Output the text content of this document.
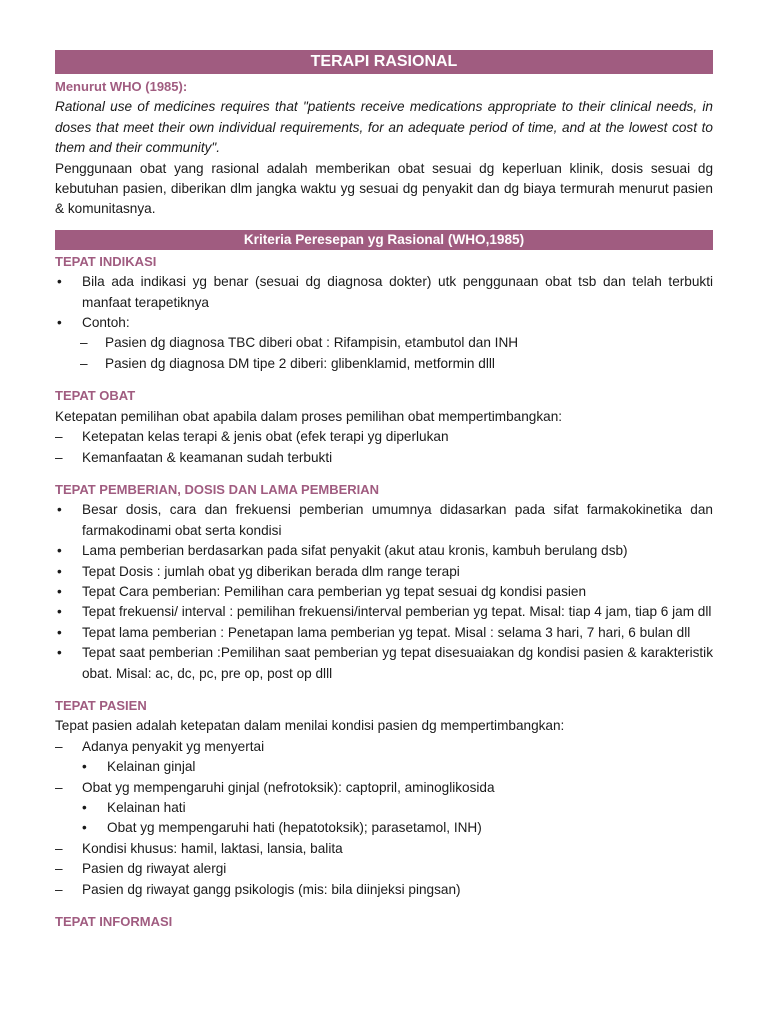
TERAPI RASIONAL
Menurut WHO (1985):
Rational use of medicines requires that "patients receive medications appropriate to their clinical needs, in doses that meet their own individual requirements, for an adequate period of time, and at the lowest cost to them and their community".
Penggunaan obat yang rasional adalah memberikan obat sesuai dg keperluan klinik, dosis sesuai dg kebutuhan pasien, diberikan dlm jangka waktu yg sesuai dg penyakit dan dg biaya termurah menurut pasien & komunitasnya.
Kriteria Peresepan yg Rasional (WHO,1985)
TEPAT INDIKASI
• Bila ada indikasi yg benar (sesuai dg diagnosa dokter) utk penggunaan obat tsb dan telah terbukti manfaat terapetiknya
• Contoh:
– Pasien dg diagnosa TBC diberi obat : Rifampisin, etambutol dan INH
– Pasien dg diagnosa DM tipe 2 diberi: glibenklamid, metformin dlll
TEPAT OBAT
Ketepatan pemilihan obat apabila dalam proses pemilihan obat mempertimbangkan:
– Ketepatan kelas terapi & jenis obat (efek terapi yg diperlukan
– Kemanfaatan & keamanan sudah terbukti
TEPAT PEMBERIAN, DOSIS DAN LAMA PEMBERIAN
• Besar dosis, cara dan frekuensi pemberian umumnya didasarkan pada sifat farmakokinetika dan farmakodinami obat serta kondisi
• Lama pemberian berdasarkan pada sifat penyakit (akut atau kronis, kambuh berulang dsb)
• Tepat Dosis : jumlah obat yg diberikan berada dlm range terapi
• Tepat Cara pemberian: Pemilihan cara pemberian yg tepat sesuai dg kondisi pasien
• Tepat frekuensi/ interval : pemilihan frekuensi/interval pemberian yg tepat. Misal: tiap 4 jam, tiap 6 jam dll
• Tepat lama pemberian : Penetapan lama pemberian yg tepat. Misal : selama 3 hari, 7 hari, 6 bulan dll
• Tepat saat pemberian :Pemilihan saat pemberian yg tepat disesuaiakan dg kondisi pasien & karakteristik obat. Misal: ac, dc, pc, pre op, post op dlll
TEPAT PASIEN
Tepat pasien adalah ketepatan dalam menilai kondisi pasien dg mempertimbangkan:
– Adanya penyakit yg menyertai
• Kelainan ginjal
– Obat yg mempengaruhi ginjal (nefrotoksik): captopril, aminoglikosida
• Kelainan hati
• Obat yg mempengaruhi hati (hepatotoksik); parasetamol, INH)
– Kondisi khusus: hamil, laktasi, lansia, balita
– Pasien dg riwayat alergi
– Pasien dg riwayat gangg psikologis (mis: bila diinjeksi pingsan)
TEPAT INFORMASI
